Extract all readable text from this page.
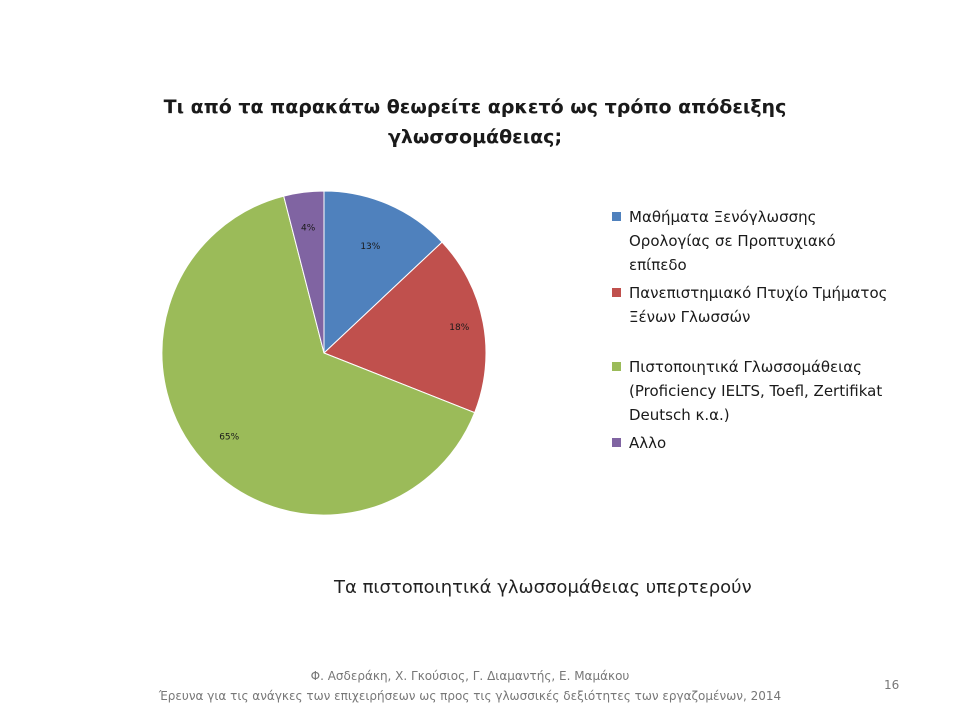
Τι από τα παρακάτω θεωρείτε αρκετό ως τρόπο απόδειξης
γλωσσομάθειας;
13%
18%
65%
4%
Μαθήματα Ξενόγλωσσης
Ορολογίας σε Προπτυχιακό
επίπεδο
Πανεπιστημιακό Πτυχίο Τμήματος
Ξένων Γλωσσών
Πιστοποιητικά Γλωσσομάθειας
(Proficiency IELTS, Toefl, Zertifikat
Deutsch κ.α.)
Αλλο
Τα πιστοποιητικά γλωσσομάθειας υπερτερούν
Φ. Ασδεράκη, Χ. Γκούσιος, Γ. Διαμαντής, Ε. Μαμάκου
Έρευνα για τις ανάγκες των επιχειρήσεων ως προς τις γλωσσικές δεξιότητες των εργαζομένων, 2014
16
